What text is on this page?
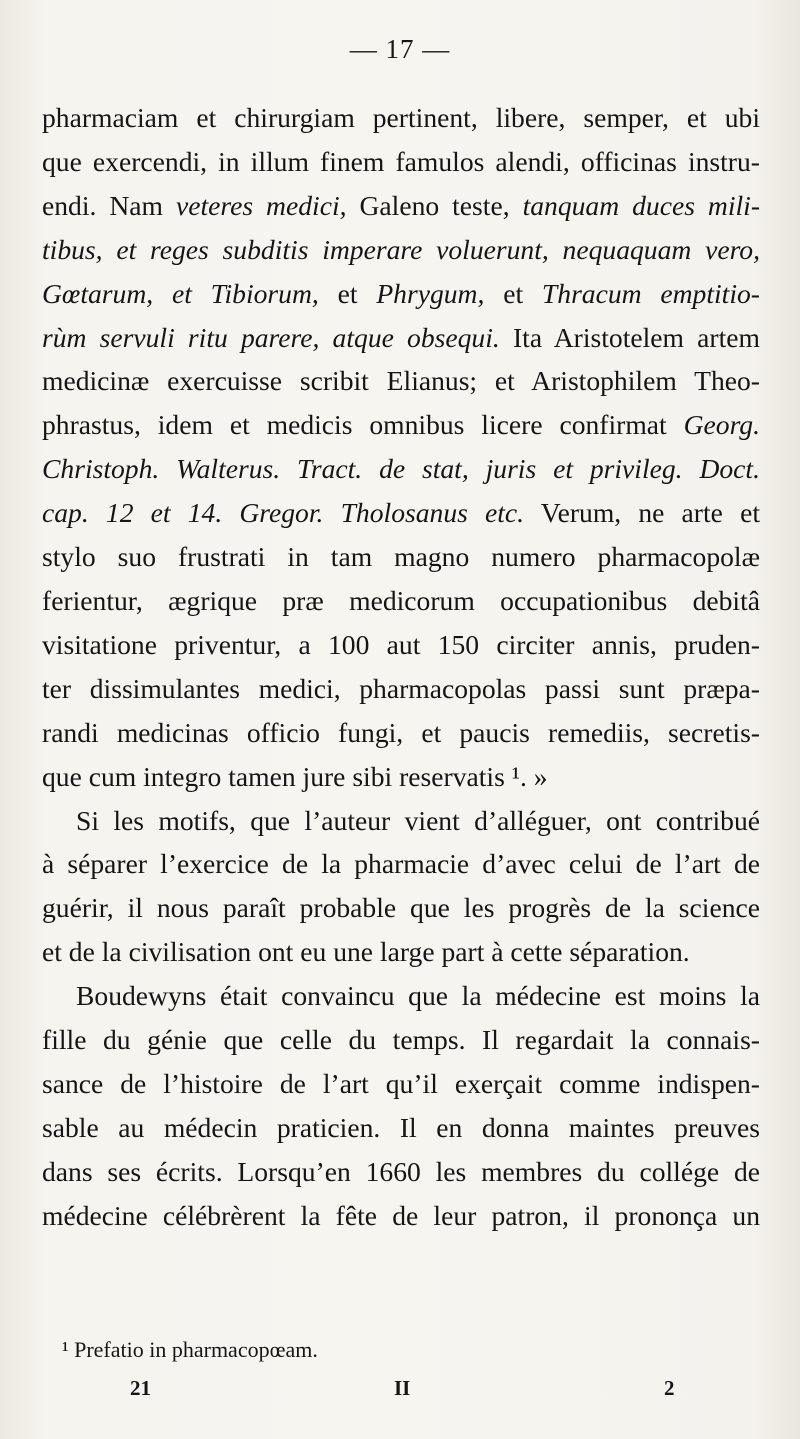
— 17 —
pharmaciam et chirurgiam pertinent, libere, semper, et ubi
que exercendi, in illum finem famulos alendi, officinas instru-
endi. Nam veteres medici, Galeno teste, tanquam duces mili-
tibus, et reges subditis imperare voluerunt, nequaquam vero,
Gœtarum, et Tibiorum, et Phrygum, et Thracum emptitio-
rùm servuli ritu parere, atque obsequi. Ita Aristotelem artem
medicinæ exercuisse scribit Elianus; et Aristophilem Theo-
phrastus, idem et medicis omnibus licere confirmat Georg.
Christoph. Walterus. Tract. de stat, juris et privileg. Doct.
cap. 12 et 14. Gregor. Tholosanus etc. Verum, ne arte et
stylo suo frustrati in tam magno numero pharmacopolæ
ferientur, ægrique præ medicorum occupationibus debitâ
visitatione priventur, a 100 aut 150 circiter annis, pruden-
ter dissimulantes medici, pharmacopolas passi sunt præpa-
randi medicinas officio fungi, et paucis remediis, secretis-
que cum integro tamen jure sibi reservatis ¹. »
Si les motifs, que l’auteur vient d’alléguer, ont contribué
à séparer l’exercice de la pharmacie d’avec celui de l’art de
guérir, il nous paraît probable que les progrès de la science
et de la civilisation ont eu une large part à cette séparation.
Boudewyns était convaincu que la médecine est moins la
fille du génie que celle du temps. Il regardait la connais-
sance de l’histoire de l’art qu’il exerçait comme indispen-
sable au médecin praticien. Il en donna maintes preuves
dans ses écrits. Lorsqu’en 1660 les membres du collége de
médecine célébrèrent la fête de leur patron, il prononça un
¹ Prefatio in pharmacopœam.
21	II	2
